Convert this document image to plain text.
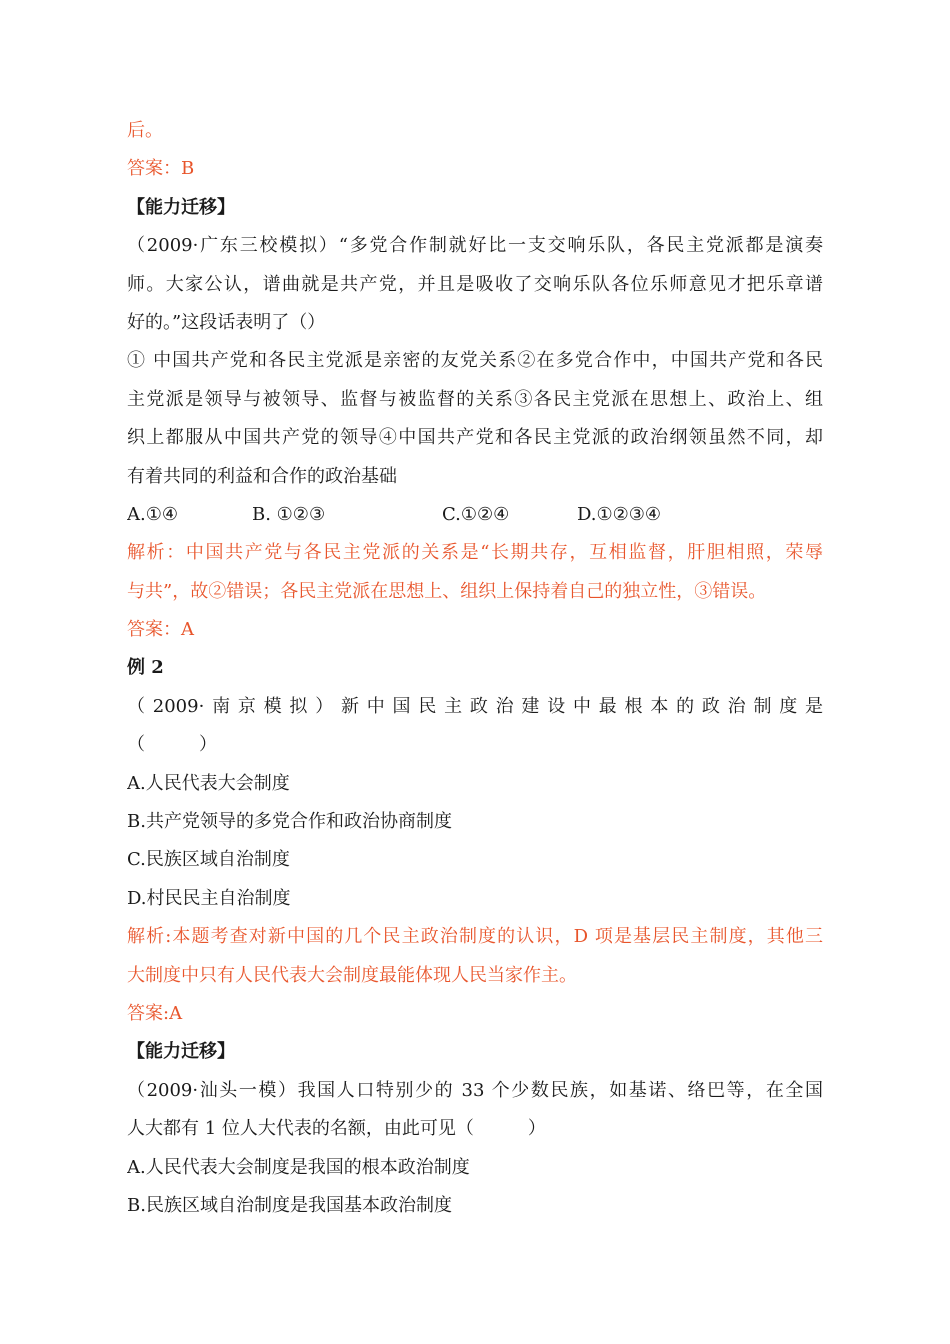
后。
答案：B
【能力迁移】
（2009·广东三校模拟）“多党合作制就好比一支交响乐队，各民主党派都是演奏
师。大家公认，谱曲就是共产党，并且是吸收了交响乐队各位乐师意见才把乐章谱
好的。”这段话表明了（）
① 中国共产党和各民主党派是亲密的友党关系②在多党合作中，中国共产党和各民
主党派是领导与被领导、监督与被监督的关系③各民主党派在思想上、政治上、组
织上都服从中国共产党的领导④中国共产党和各民主党派的政治纲领虽然不同，却
有着共同的利益和合作的政治基础
A.①④	B. ①②③	C.①②④	D.①②③④
解析：中国共产党与各民主党派的关系是“长期共存，互相监督，肝胆相照，荣辱
与共”，故②错误；各民主党派在思想上、组织上保持着自己的独立性，③错误。
答案：A
例 2
（2009·南京模拟）新中国民主政治建设中最根本的政治制度是
（　　　）
A.人民代表大会制度
B.共产党领导的多党合作和政治协商制度
C.民族区域自治制度
D.村民民主自治制度
解析:本题考查对新中国的几个民主政治制度的认识，D 项是基层民主制度，其他三
大制度中只有人民代表大会制度最能体现人民当家作主。
答案:A
【能力迁移】
（2009·汕头一模）我国人口特别少的 33 个少数民族，如基诺、络巴等，在全国
人大都有 1 位人大代表的名额，由此可见（　　　）
A.人民代表大会制度是我国的根本政治制度
B.民族区域自治制度是我国基本政治制度
